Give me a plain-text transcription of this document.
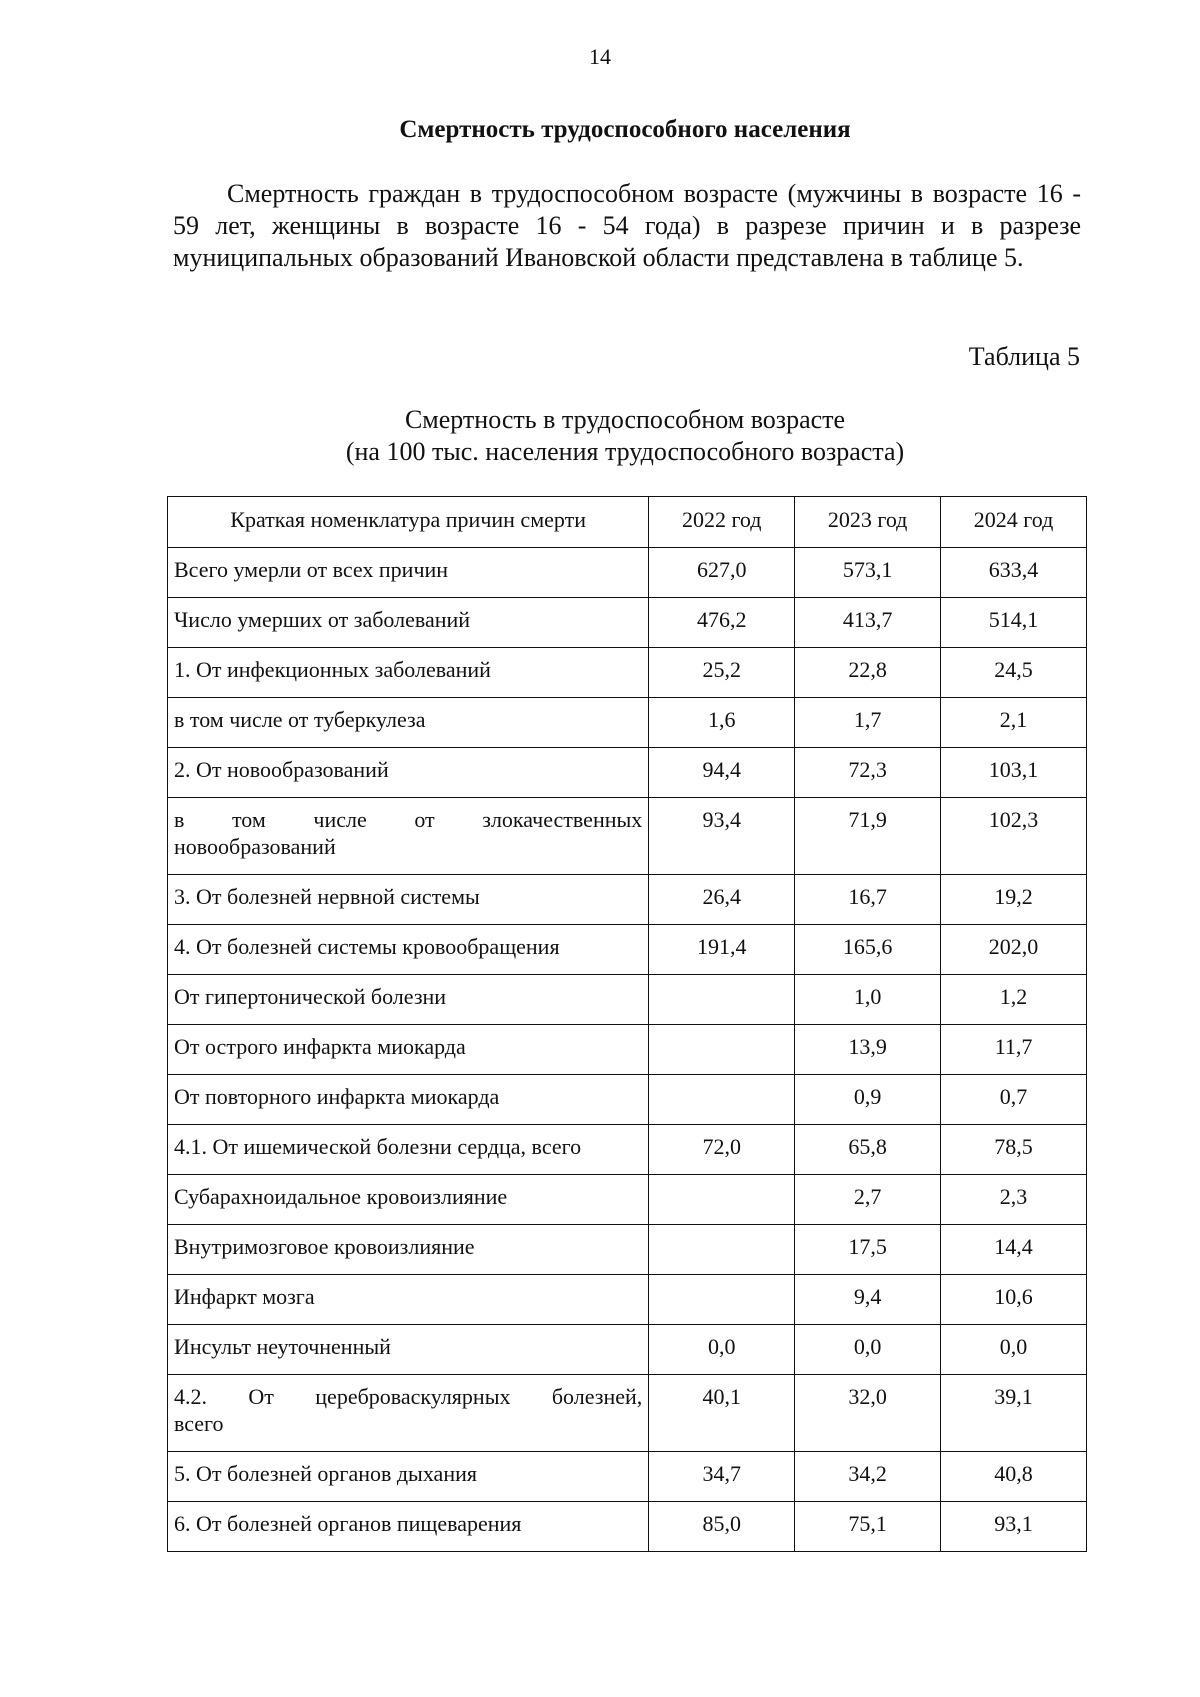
14
Смертность трудоспособного населения

Смертность граждан в трудоспособном возрасте (мужчины в возрасте 16 - 59 лет, женщины в возрасте 16 - 54 года) в разрезе причин и в разрезе муниципальных образований Ивановской области представлена в таблице 5.

Таблица 5
Смертность в трудоспособном возрасте
(на 100 тыс. населения трудоспособного возраста)
Краткая номенклатура причин смерти	2022 год	2023 год	2024 год
Всего умерли от всех причин	627,0	573,1	633,4
Число умерших от заболеваний	476,2	413,7	514,1
1. От инфекционных заболеваний	25,2	22,8	24,5
в том числе от туберкулеза	1,6	1,7	2,1
2. От новообразований	94,4	72,3	103,1

в том числе от злокачественных
новообразований	93,4	71,9	102,3
3. От болезней нервной системы	26,4	16,7	19,2
4. От болезней системы кровообращения	191,4	165,6	202,0
От гипертонической болезни		1,0	1,2
От острого инфаркта миокарда		13,9	11,7
От повторного инфаркта миокарда		0,9	0,7
4.1. От ишемической болезни сердца, всего	72,0	65,8	78,5
Субарахноидальное кровоизлияние		2,7	2,3
Внутримозговое кровоизлияние		17,5	14,4
Инфаркт мозга		9,4	10,6
Инсульт неуточненный	0,0	0,0	0,0

4.2. От цереброваскулярных болезней,
всего	40,1	32,0	39,1
5. От болезней органов дыхания	34,7	34,2	40,8
6. От болезней органов пищеварения	85,0	75,1	93,1
